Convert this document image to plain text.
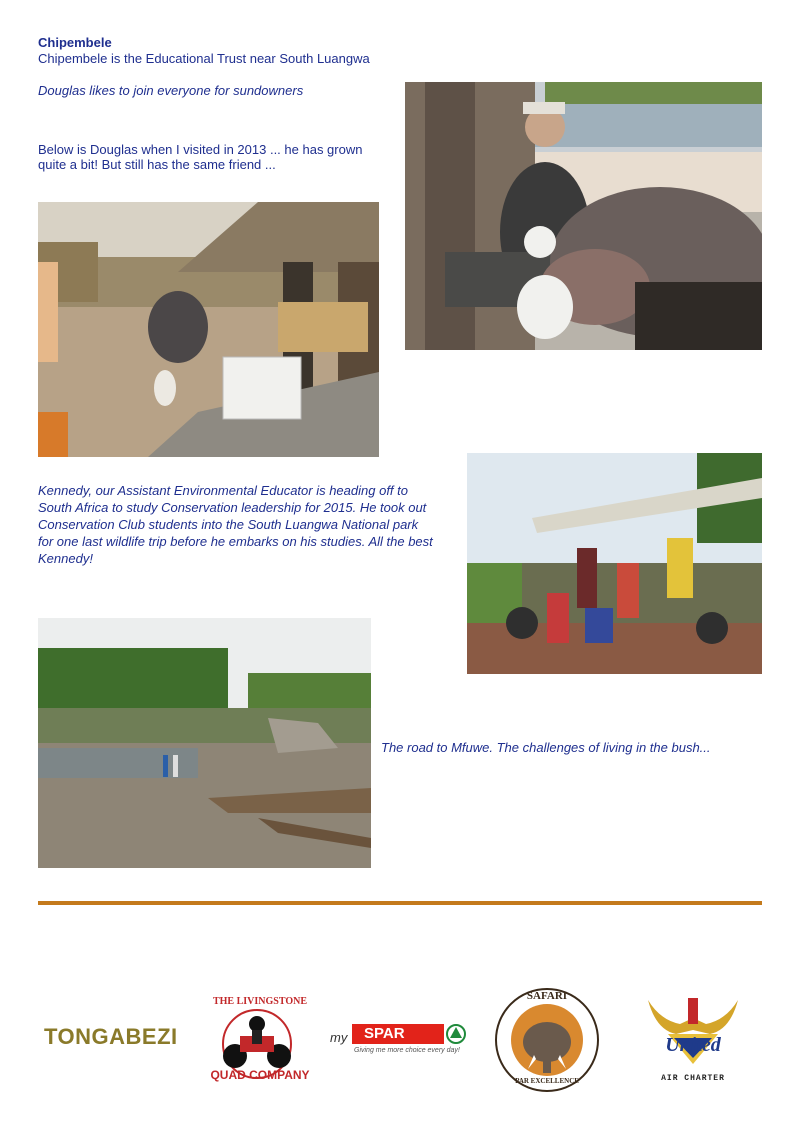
Chipembele
Chipembele is the Educational Trust near South Luangwa
Douglas likes to join everyone for sundowners
Below is Douglas when I visited in 2013 ... he has grown
quite a bit! But still has the same friend ...
Kennedy, our Assistant Environmental Educator is heading off to
South Africa to study Conservation leadership for 2015. He took out
Conservation Club students into the South Luangwa National park
for one last wildlife trip before he embarks on his studies. All the best
Kennedy!
The road to Mfuwe. The challenges of living in the bush...
TONGABEZI
THE LIVINGSTONE
QUAD COMPANY
my SPAR
Giving me more choice every day!
SAFARI
PAR EXCELLENCE
United
AIR CHARTER
